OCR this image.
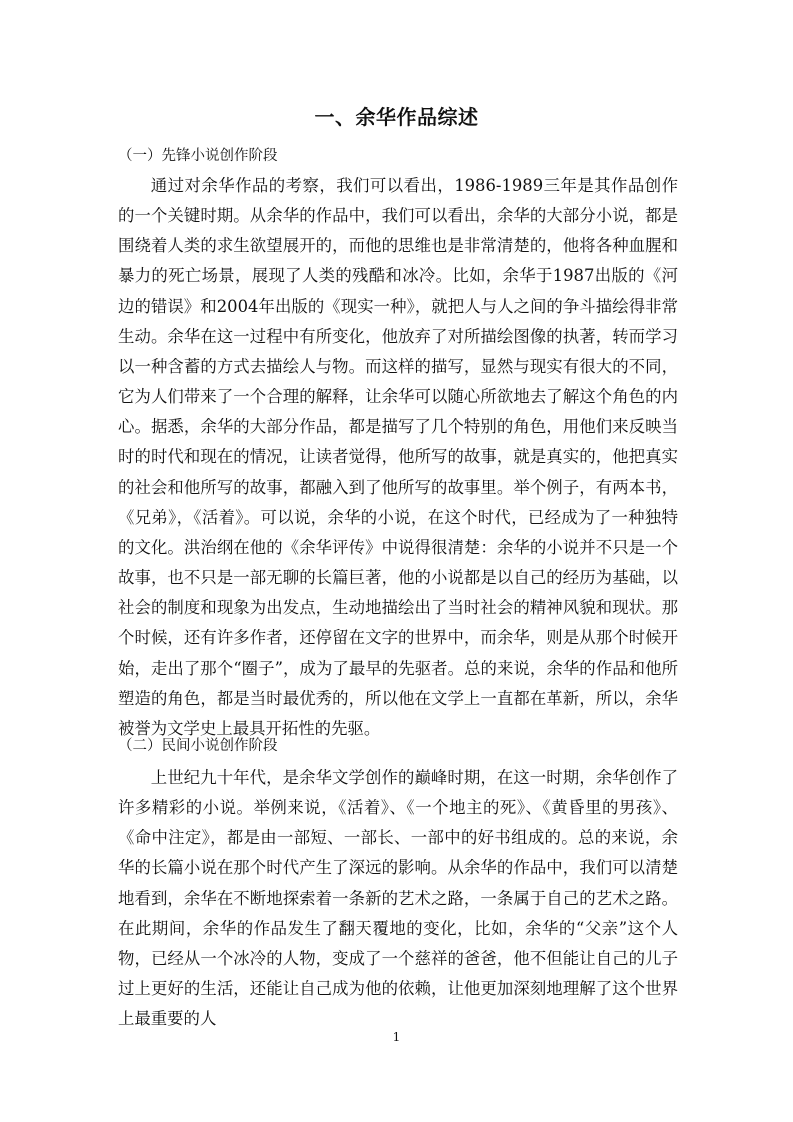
一、余华作品综述
（一）先锋小说创作阶段

通过对余华作品的考察，我们可以看出，1986-1989三年是其作品创作的一个关键时期。从余华的作品中，我们可以看出，余华的大部分小说，都是围绕着人类的求生欲望展开的，而他的思维也是非常清楚的，他将各种血腥和暴力的死亡场景，展现了人类的残酷和冰冷。比如，余华于1987出版的《河边的错误》和2004年出版的《现实一种》，就把人与人之间的争斗描绘得非常生动。余华在这一过程中有所变化，他放弃了对所描绘图像的执著，转而学习以一种含蓄的方式去描绘人与物。而这样的描写，显然与现实有很大的不同，它为人们带来了一个合理的解释，让余华可以随心所欲地去了解这个角色的内心。据悉，余华的大部分作品，都是描写了几个特别的角色，用他们来反映当时的时代和现在的情况，让读者觉得，他所写的故事，就是真实的，他把真实的社会和他所写的故事，都融入到了他所写的故事里。举个例子，有两本书，《兄弟》，《活着》。可以说，余华的小说，在这个时代，已经成为了一种独特的文化。洪治纲在他的《余华评传》中说得很清楚：余华的小说并不只是一个故事，也不只是一部无聊的长篇巨著，他的小说都是以自己的经历为基础，以社会的制度和现象为出发点，生动地描绘出了当时社会的精神风貌和现状。那个时候，还有许多作者，还停留在文字的世界中，而余华，则是从那个时候开始，走出了那个“圈子”，成为了最早的先驱者。总的来说，余华的作品和他所塑造的角色，都是当时最优秀的，所以他在文学上一直都在革新，所以，余华被誉为文学史上最具开拓性的先驱。

（二）民间小说创作阶段

上世纪九十年代，是余华文学创作的巅峰时期，在这一时期，余华创作了许多精彩的小说。举例来说，《活着》、《一个地主的死》、《黄昏里的男孩》、《命中注定》，都是由一部短、一部长、一部中的好书组成的。总的来说，余华的长篇小说在那个时代产生了深远的影响。从余华的作品中，我们可以清楚地看到，余华在不断地探索着一条新的艺术之路，一条属于自己的艺术之路。在此期间，余华的作品发生了翻天覆地的变化，比如，余华的“父亲”这个人物，已经从一个冰冷的人物，变成了一个慈祥的爸爸，他不但能让自己的儿子过上更好的生活，还能让自己成为他的依赖，让他更加深刻地理解了这个世界上最重要的人

1
